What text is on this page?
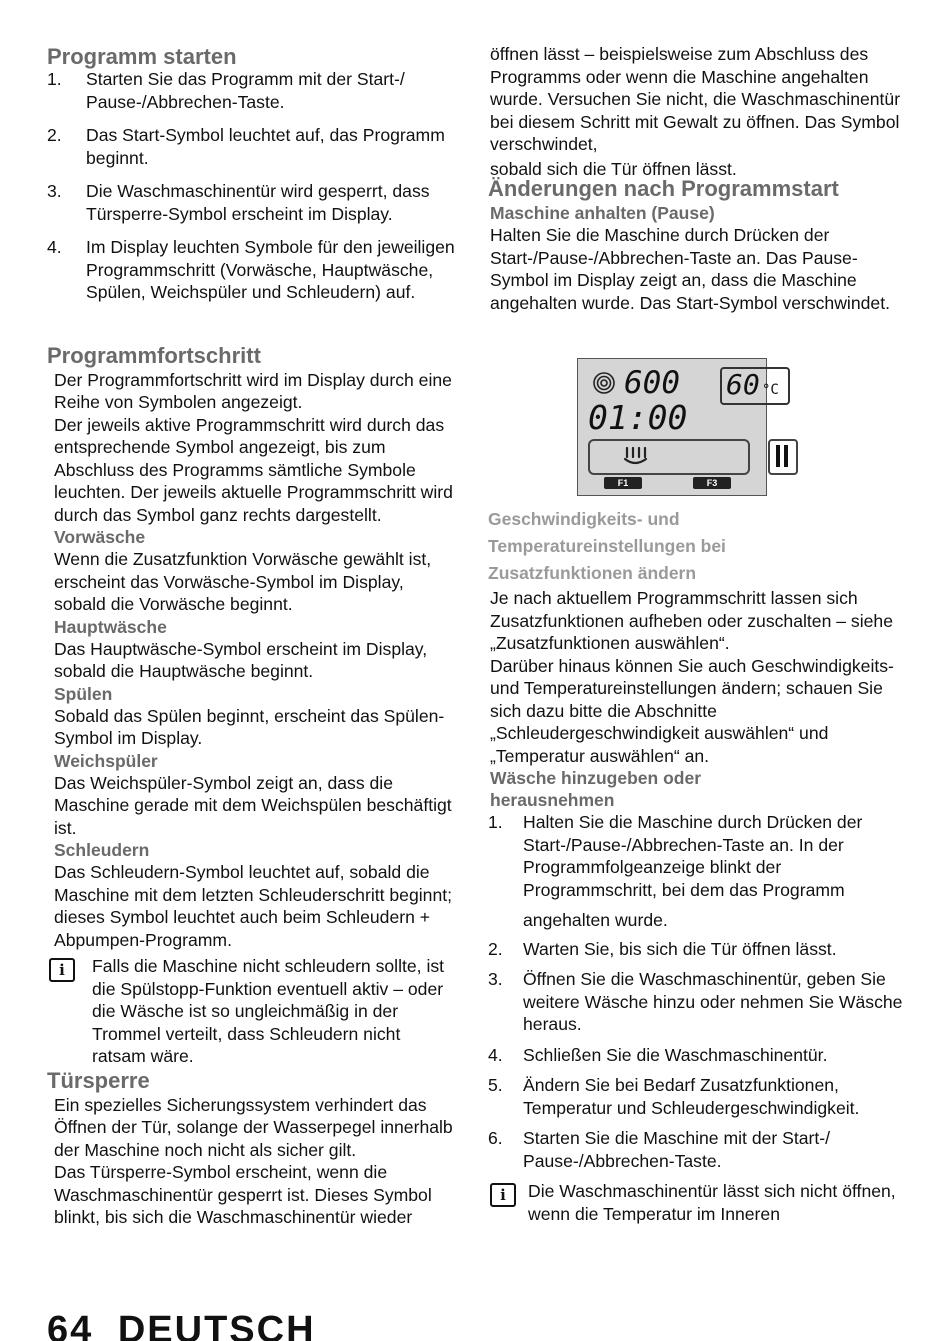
Programm starten
1. Starten Sie das Programm mit der Start-/ Pause-/Abbrechen-Taste.
2. Das Start-Symbol leuchtet auf, das Programm beginnt.
3. Die Waschmaschinentür wird gesperrt, dass Türsperre-Symbol erscheint im Display.
4. Im Display leuchten Symbole für den jeweiligen Programmschritt (Vorwäsche, Hauptwäsche, Spülen, Weichspüler und Schleudern) auf.
Programmfortschritt

Der Programmfortschritt wird im Display durch eine Reihe von Symbolen angezeigt.

Der jeweils aktive Programmschritt wird durch das entsprechende Symbol angezeigt, bis zum Abschluss des Programms sämtliche Symbole leuchten. Der jeweils aktuelle Programmschritt wird durch das Symbol ganz rechts dargestellt.

Vorwäsche

Wenn die Zusatzfunktion Vorwäsche gewählt ist, erscheint das Vorwäsche-Symbol im Display, sobald die Vorwäsche beginnt.

Hauptwäsche

Das Hauptwäsche-Symbol erscheint im Display, sobald die Hauptwäsche beginnt.

Spülen

Sobald das Spülen beginnt, erscheint das Spülen-Symbol im Display.

Weichspüler

Das Weichspüler-Symbol zeigt an, dass die Maschine gerade mit dem Weichspülen beschäftigt ist.

Schleudern

Das Schleudern-Symbol leuchtet auf, sobald die Maschine mit dem letzten Schleuderschritt beginnt; dieses Symbol leuchtet auch beim Schleudern + Abpumpen-Programm.

i	Falls die Maschine nicht schleudern sollte, ist die Spülstopp-Funktion eventuell aktiv – oder die Wäsche ist so ungleichmäßig in der Trommel verteilt, dass Schleudern nicht ratsam wäre.

Türsperre

Ein spezielles Sicherungssystem verhindert das Öffnen der Tür, solange der Wasserpegel innerhalb der Maschine noch nicht als sicher gilt.

Das Türsperre-Symbol erscheint, wenn die Waschmaschinentür gesperrt ist. Dieses Symbol blinkt, bis sich die Waschmaschinentür wieder

öffnen lässt – beispielsweise zum Abschluss des Programms oder wenn die Maschine angehalten wurde. Versuchen Sie nicht, die Waschmaschinentür bei diesem Schritt mit Gewalt zu öffnen. Das Symbol verschwindet,

sobald sich die Tür öffnen lässt.

Änderungen nach Programmstart
Maschine anhalten (Pause)

Halten Sie die Maschine durch Drücken der Start-/Pause-/Abbrechen-Taste an. Das Pause-Symbol im Display zeigt an, dass die Maschine angehalten wurde. Das Start-Symbol verschwindet.

Geschwindigkeits- und
Temperatureinstellungen bei
Zusatzfunktionen ändern

Je nach aktuellem Programmschritt lassen sich Zusatzfunktionen aufheben oder zuschalten – siehe „Zusatzfunktionen auswählen“.

Darüber hinaus können Sie auch Geschwindigkeits- und Temperatureinstellungen ändern; schauen Sie sich dazu bitte die Abschnitte „Schleudergeschwindigkeit auswählen“ und „Temperatur auswählen“ an.

Wäsche hinzugeben oder
herausnehmen
1. Halten Sie die Maschine durch Drücken der Start-/Pause-/Abbrechen-Taste an. In der Programmfolgeanzeige blinkt der Programmschritt, bei dem das Programm
angehalten wurde.
2. Warten Sie, bis sich die Tür öffnen lässt.
3. Öffnen Sie die Waschmaschinentür, geben Sie weitere Wäsche hinzu oder nehmen Sie Wäsche heraus.
4. Schließen Sie die Waschmaschinentür.
5. Ändern Sie bei Bedarf Zusatzfunktionen, Temperatur und Schleudergeschwindigkeit.
6. Starten Sie die Maschine mit der Start-/ Pause-/Abbrechen-Taste.
i	Die Waschmaschinentür lässt sich nicht öffnen, wenn die Temperatur im Inneren

600 60 °C
01:00
F1	F3
64 DEUTSCH
